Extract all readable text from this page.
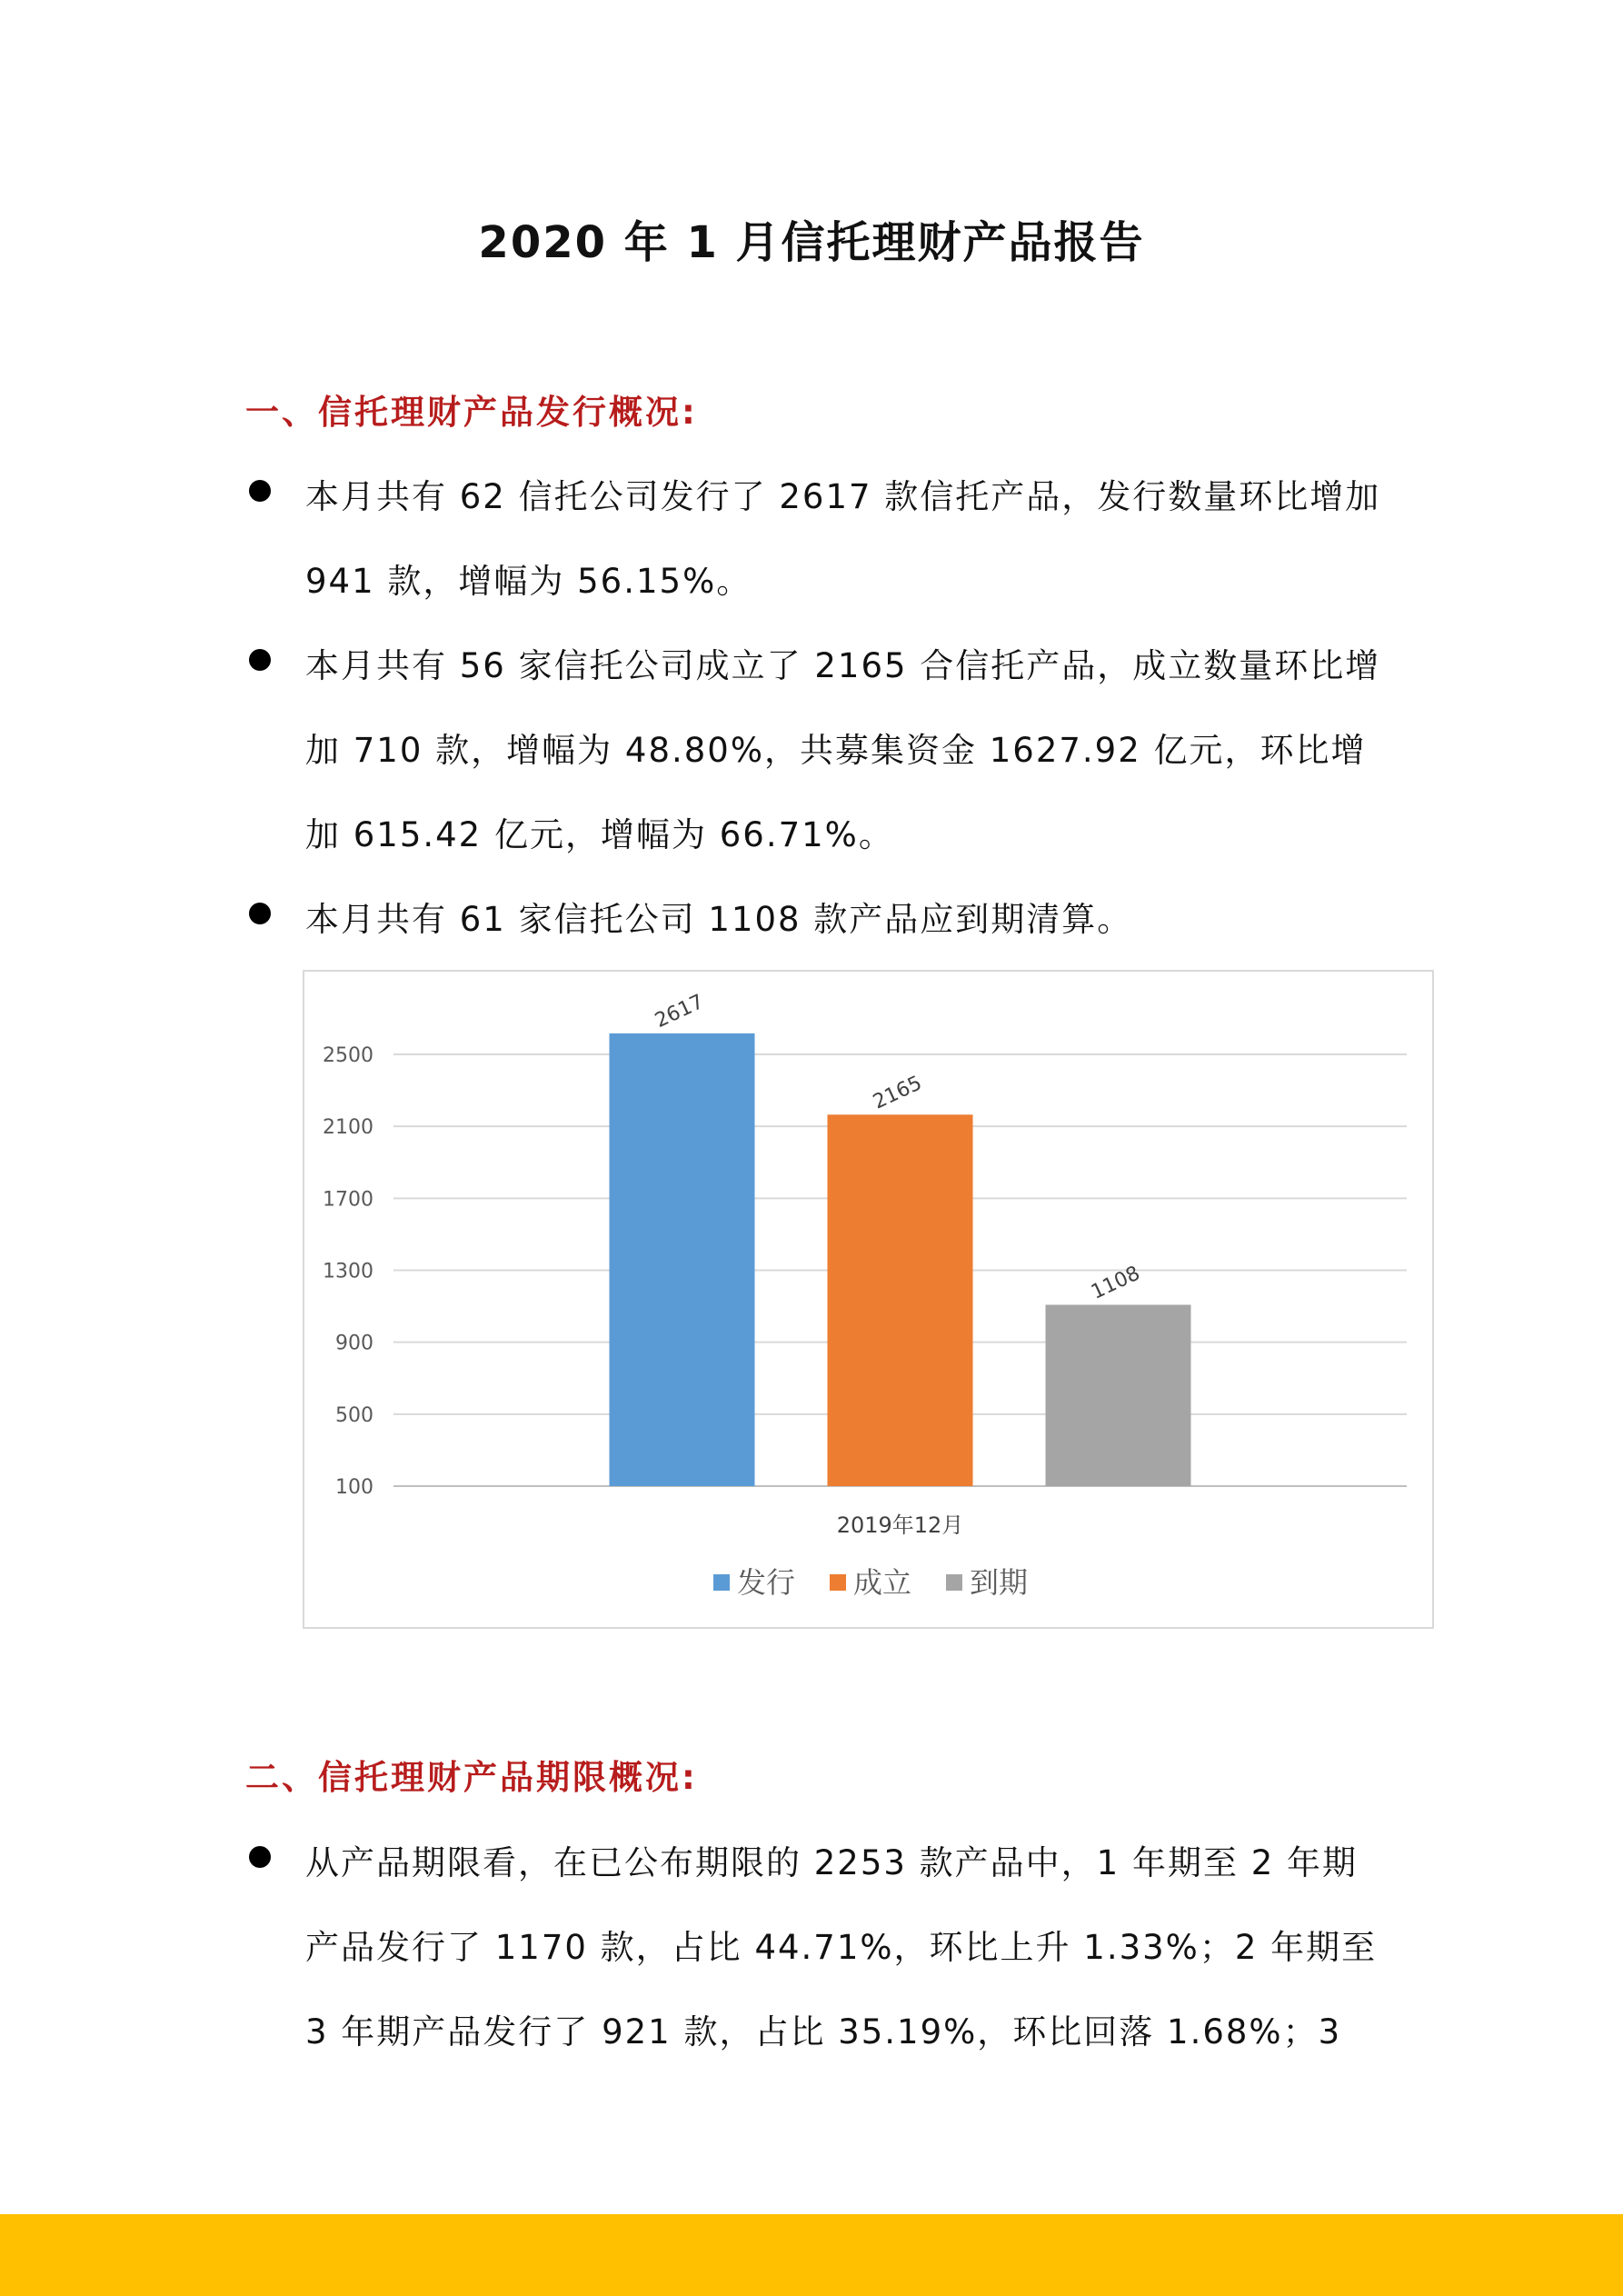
2020 年 1 月信托理财产品报告
一、信托理财产品发行概况:
本月共有 62 信托公司发行了 2617 款信托产品，发行数量环比增加 941 款，增幅为 56.15%。
本月共有 56 家信托公司成立了 2165 合信托产品，成立数量环比增加 710 款，增幅为 48.80%，共募集资金 1627.92 亿元，环比增加 615.42 亿元，增幅为 66.71%。
本月共有 61 家信托公司 1108 款产品应到期清算。
100
500
900
1300
1700
2100
2500
2617
2165
1108
2019年12月
发行 成立 到期
二、信托理财产品期限概况:
从产品期限看，在已公布期限的 2253 款产品中，1 年期至 2 年期产品发行了 1170 款，占比 44.71%，环比上升 1.33%；2 年期至 3 年期产品发行了 921 款，占比 35.19%，环比回落 1.68%；3
